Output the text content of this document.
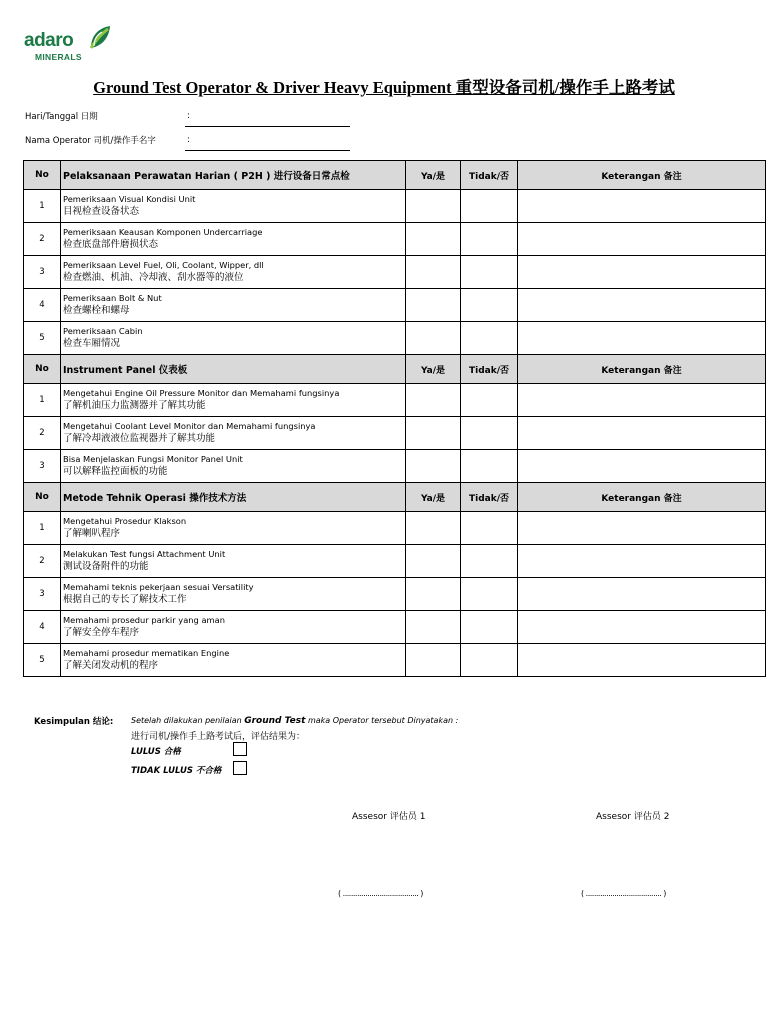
adaro
MINERALS
Ground Test Operator & Driver Heavy Equipment 重型设备司机/操作手上路考试
Hari/Tanggal 日期	:
Nama Operator 司机/操作手名字	:
No	Pelaksanaan Perawatan Harian ( P2H ) 进行设备日常点检	Ya/是	Tidak/否	Keterangan 备注
1	Pemeriksaan Visual Kondisi Unit
目视检查设备状态			

2	Pemeriksaan Keausan Komponen Undercarriage
检查底盘部件磨损状态			

3	Pemeriksaan Level Fuel, Oli, Coolant, Wipper, dll
检查燃油、机油、冷却液、刮水器等的液位			

4	Pemeriksaan Bolt & Nut
检查螺栓和螺母			

5	Pemeriksaan Cabin
检查车厢情况			

No	Instrument Panel 仪表板	Ya/是	Tidak/否	Keterangan 备注
1	Mengetahui Engine Oil Pressure Monitor dan Memahami fungsinya
了解机油压力监测器并了解其功能			

2	Mengetahui Coolant Level Monitor dan Memahami fungsinya
了解冷却液液位监视器并了解其功能			

3	Bisa Menjelaskan Fungsi Monitor Panel Unit
可以解释监控面板的功能			

No	Metode Tehnik Operasi 操作技术方法	Ya/是	Tidak/否	Keterangan 备注
1	Mengetahui Prosedur Klakson
了解喇叭程序			

2	Melakukan Test fungsi Attachment Unit
测试设备附件的功能			

3	Memahami teknis pekerjaan sesuai Versatility
根据自己的专长了解技术工作			

4	Memahami prosedur parkir yang aman
了解安全停车程序			

5	Memahami prosedur mematikan Engine
了解关闭发动机的程序			

Kesimpulan 结论: Setelah dilakukan penilaian Ground Test maka Operator tersebut Dinyatakan :
进行司机/操作手上路考试后，评估结果为：
LULUS 合格
TIDAK LULUS 不合格
Assesor 评估员 1	Assesor 评估员 2
( ..................................... )	( ..................................... )
